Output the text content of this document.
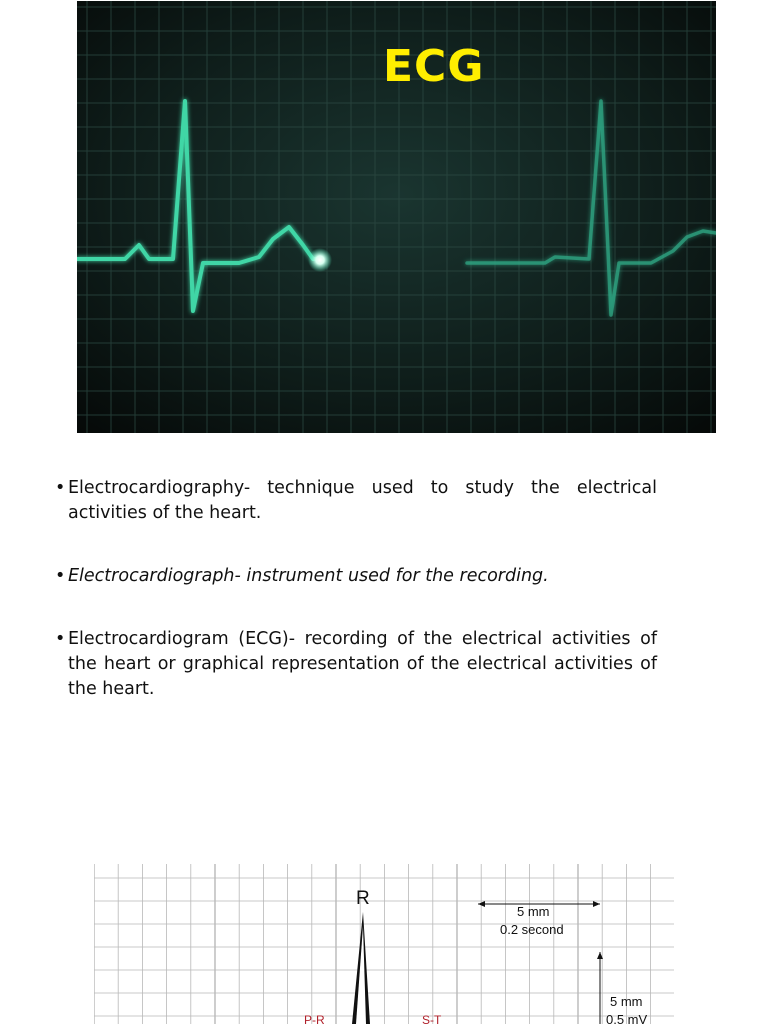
ECG
• Electrocardiography- technique used to study the electrical activities of the heart.
• Electrocardiograph- instrument used for the recording.
• Electrocardiogram (ECG)- recording of the electrical activities of the heart or graphical representation of the electrical activities of the heart.
R
5 mm
0.2 second
5 mm
0.5 mV
P-R	S-T
